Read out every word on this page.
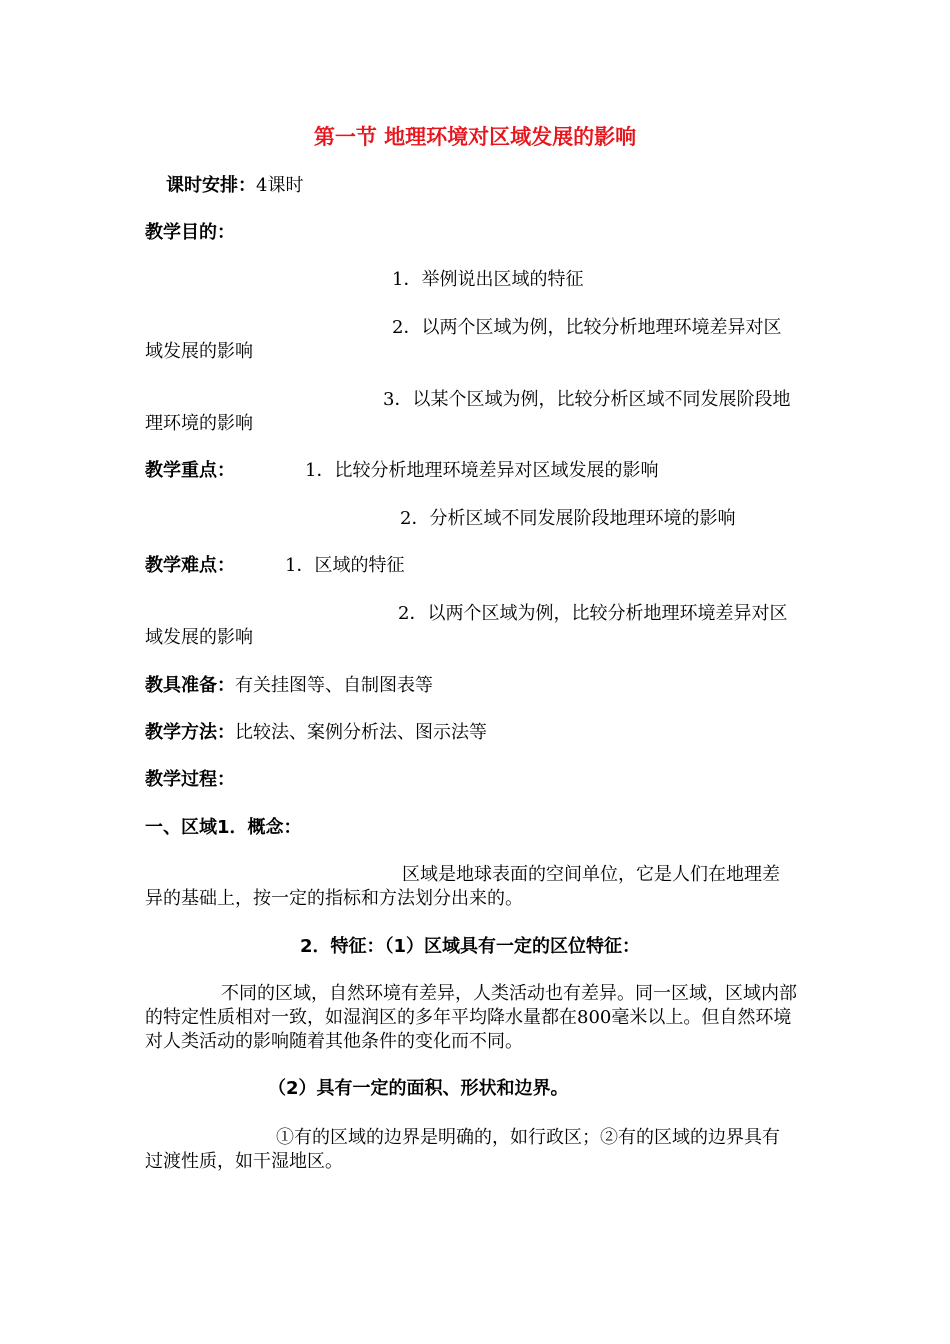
第一节 地理环境对区域发展的影响
课时安排：4课时
教学目的：
1．举例说出区域的特征
2．以两个区域为例，比较分析地理环境差异对区
域发展的影响
3．以某个区域为例，比较分析区域不同发展阶段地
理环境的影响
教学重点：	1．比较分析地理环境差异对区域发展的影响
2．分析区域不同发展阶段地理环境的影响
教学难点：	1．区域的特征
2．以两个区域为例，比较分析地理环境差异对区
域发展的影响
教具准备：有关挂图等、自制图表等
教学方法：比较法、案例分析法、图示法等
教学过程：
一、区域1．概念：
区域是地球表面的空间单位，它是人们在地理差
异的基础上，按一定的指标和方法划分出来的。
2．特征：（1）区域具有一定的区位特征：
不同的区域，自然环境有差异，人类活动也有差异。同一区域，区域内部的特定性质相对一致，如湿润区的多年平均降水量都在800毫米以上。但自然环境对人类活动的影响随着其他条件的变化而不同。
（2）具有一定的面积、形状和边界。
①有的区域的边界是明确的，如行政区；②有的区域的边界具有
过渡性质，如干湿地区。
